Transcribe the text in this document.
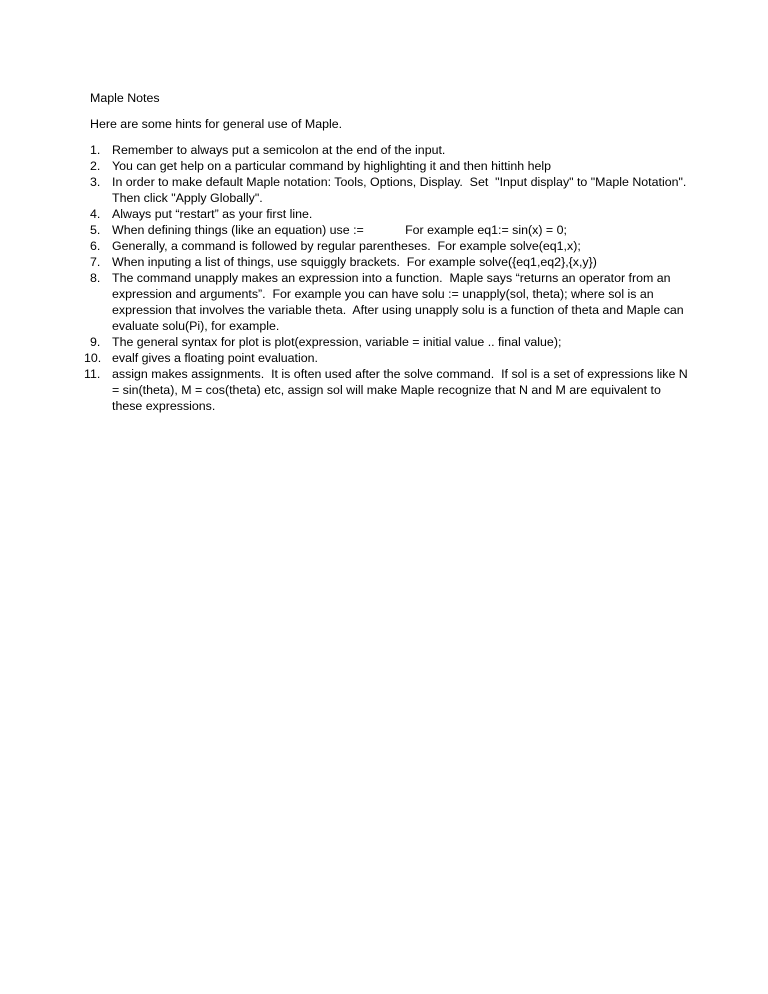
Maple Notes

Here are some hints for general use of Maple.

1. Remember to always put a semicolon at the end of the input.
2. You can get help on a particular command by highlighting it and then hittinh help
3. In order to make default Maple notation: Tools, Options, Display.  Set  "Input display" to "Maple Notation".  Then click "Apply Globally".
4. Always put “restart” as your first line.
5. When defining things (like an equation) use :=            For example eq1:= sin(x) = 0;
6. Generally, a command is followed by regular parentheses.  For example solve(eq1,x);
7. When inputing a list of things, use squiggly brackets.  For example solve({eq1,eq2},{x,y})
8. The command unapply makes an expression into a function.  Maple says “returns an operator from an expression and arguments”.  For example you can have solu := unapply(sol, theta); where sol is an expression that involves the variable theta.  After using unapply solu is a function of theta and Maple can evaluate solu(Pi), for example.
9. The general syntax for plot is plot(expression, variable = initial value .. final value);
10. evalf gives a floating point evaluation.
11. assign makes assignments.  It is often used after the solve command.  If sol is a set of expressions like N = sin(theta), M = cos(theta) etc, assign sol will make Maple recognize that N and M are equivalent to these expressions.
